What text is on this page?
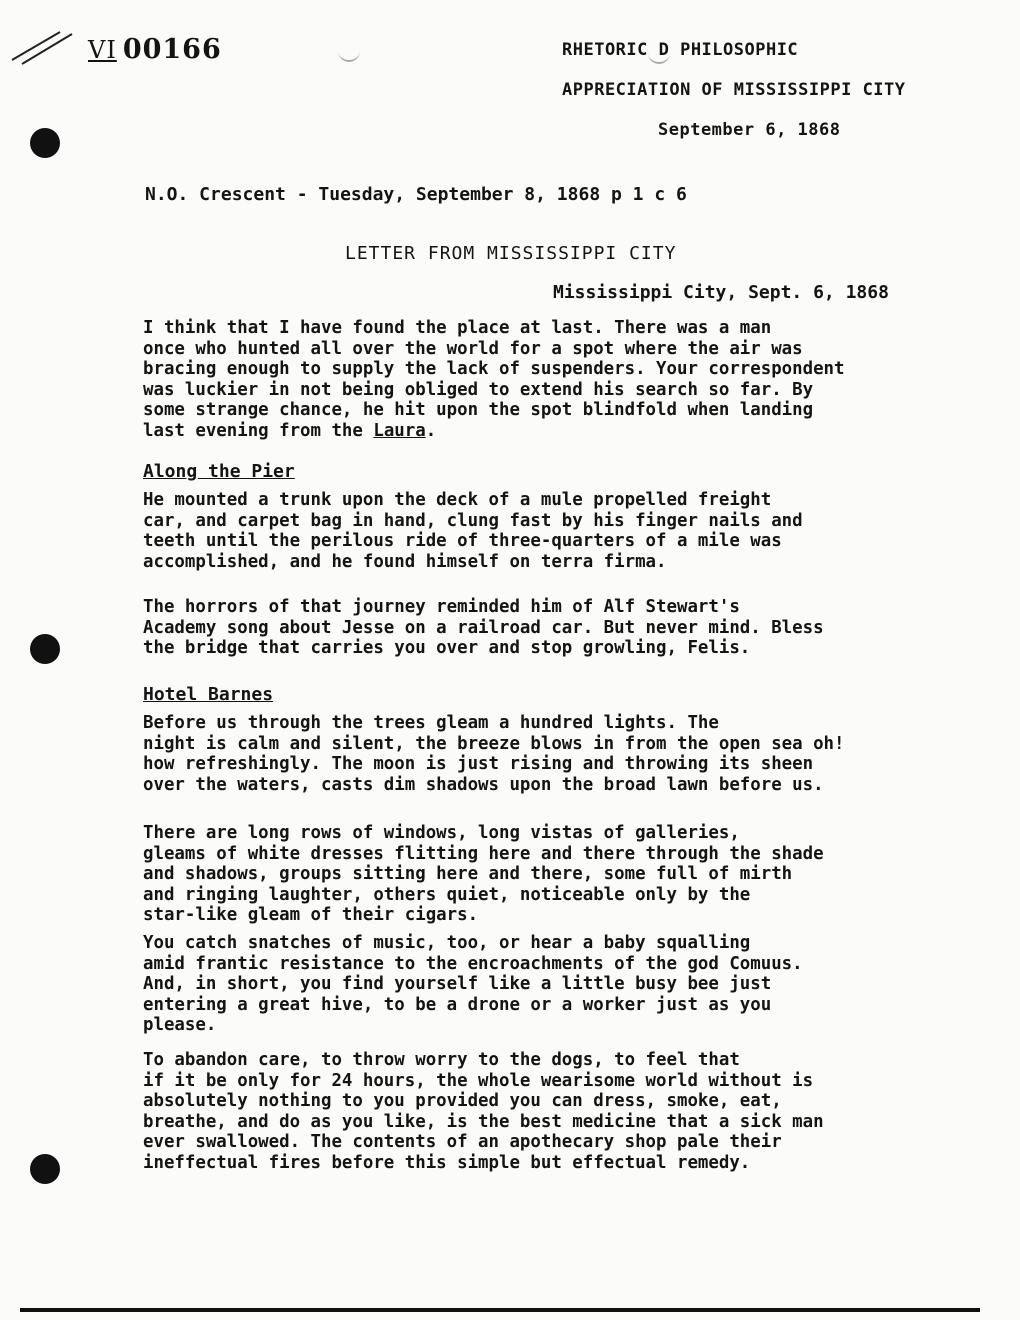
VI 00166	RHETORIC D PHILOSOPHIC
APPRECIATION OF MISSISSIPPI CITY
September 6, 1868
N.O. Crescent - Tuesday, September 8, 1868 p 1 c 6
LETTER FROM MISSISSIPPI CITY
Mississippi City, Sept. 6, 1868

I think that I have found the place at last. There was a man
once who hunted all over the world for a spot where the air was
bracing enough to supply the lack of suspenders. Your correspondent
was luckier in not being obliged to extend his search so far. By
some strange chance, he hit upon the spot blindfold when landing
last evening from the Laura.

Along the Pier

He mounted a trunk upon the deck of a mule propelled freight
car, and carpet bag in hand, clung fast by his finger nails and
teeth until the perilous ride of three-quarters of a mile was
accomplished, and he found himself on terra firma.

The horrors of that journey reminded him of Alf Stewart's
Academy song about Jesse on a railroad car. But never mind. Bless
the bridge that carries you over and stop growling, Felis.

Hotel Barnes

Before us through the trees gleam a hundred lights. The
night is calm and silent, the breeze blows in from the open sea oh!
how refreshingly. The moon is just rising and throwing its sheen
over the waters, casts dim shadows upon the broad lawn before us.

There are long rows of windows, long vistas of galleries,
gleams of white dresses flitting here and there through the shade
and shadows, groups sitting here and there, some full of mirth
and ringing laughter, others quiet, noticeable only by the
star-like gleam of their cigars.

You catch snatches of music, too, or hear a baby squalling
amid frantic resistance to the encroachments of the god Comuus.
And, in short, you find yourself like a little busy bee just
entering a great hive, to be a drone or a worker just as you
please.

To abandon care, to throw worry to the dogs, to feel that
if it be only for 24 hours, the whole wearisome world without is
absolutely nothing to you provided you can dress, smoke, eat,
breathe, and do as you like, is the best medicine that a sick man
ever swallowed. The contents of an apothecary shop pale their
ineffectual fires before this simple but effectual remedy.
